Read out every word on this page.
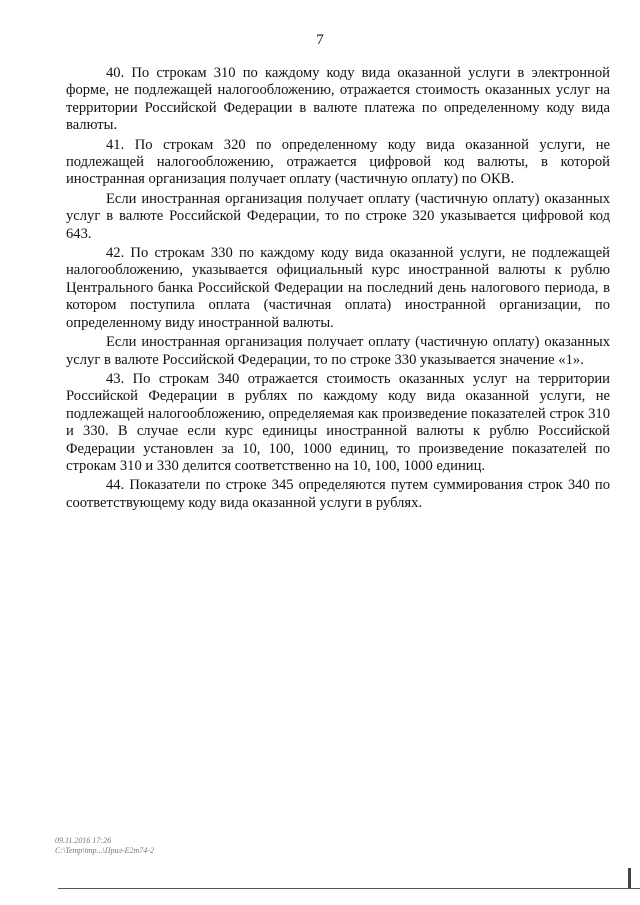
7

40. По строкам 310 по каждому коду вида оказанной услуги в электронной форме, не подлежащей налогообложению, отражается стоимость оказанных услуг на территории Российской Федерации в валюте платежа по определенному коду вида валюты.

41. По строкам 320 по определенному коду вида оказанной услуги, не подлежащей налогообложению, отражается цифровой код валюты, в которой иностранная организация получает оплату (частичную оплату) по ОКВ.

Если иностранная организация получает оплату (частичную оплату) оказанных услуг в валюте Российской Федерации, то по строке 320 указывается цифровой код 643.

42. По строкам 330 по каждому коду вида оказанной услуги, не подлежащей налогообложению, указывается официальный курс иностранной валюты к рублю Центрального банка Российской Федерации на последний день налогового периода, в котором поступила оплата (частичная оплата) иностранной организации, по определенному виду иностранной валюты.

Если иностранная организация получает оплату (частичную оплату) оказанных услуг в валюте Российской Федерации, то по строке 330 указывается значение «1».

43. По строкам 340 отражается стоимость оказанных услуг на территории Российской Федерации в рублях по каждому коду вида оказанной услуги, не подлежащей налогообложению, определяемая как произведение показателей строк 310 и 330. В случае если курс единицы иностранной валюты к рублю Российской Федерации установлен за 10, 100, 1000 единиц, то произведение показателей по строкам 310 и 330 делится соответственно на 10, 100, 1000 единиц.

44. Показатели по строке 345 определяются путем суммирования строк 340 по соответствующему коду вида оказанной услуги в рублях.

09.11.2016 17:26
C:\Temp\tmp...\Прил-Е2т74-2
